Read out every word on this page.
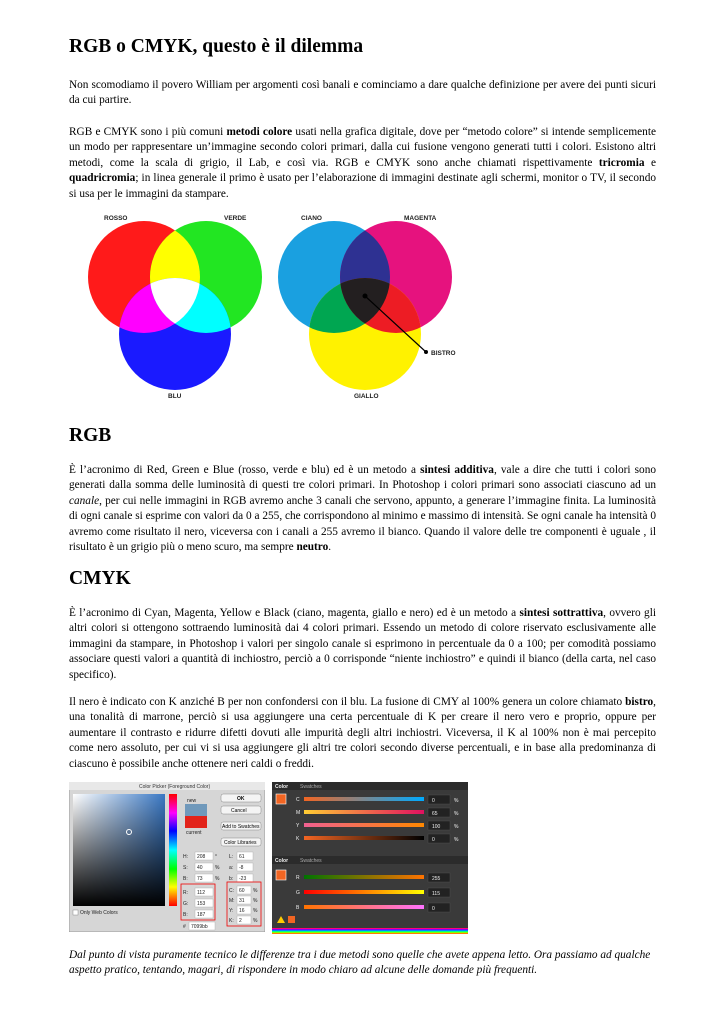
RGB o CMYK, questo è il dilemma

Non scomodiamo il povero William per argomenti così banali e cominciamo a dare qualche definizione per avere dei punti sicuri da cui partire.

RGB e CMYK sono i più comuni metodi colore usati nella grafica digitale, dove per “metodo colore” si intende semplicemente un modo per rappresentare un’immagine secondo colori primari, dalla cui fusione vengono generati tutti i colori. Esistono altri metodi, come la scala di grigio, il Lab, e così via. RGB e CMYK sono anche chiamati rispettivamente tricromia e quadricromia; in linea generale il primo è usato per l’elaborazione di immagini destinate agli schermi, monitor o TV, il secondo si usa per le immagini da stampare.

RGB

È l’acronimo di Red, Green e Blue (rosso, verde e blu) ed è un metodo a sintesi additiva, vale a dire che tutti i colori sono generati dalla somma delle luminosità di questi tre colori primari. In Photoshop i colori primari sono associati ciascuno ad un canale, per cui nelle immagini in RGB avremo anche 3 canali che servono, appunto, a generare l’immagine finita. La luminosità di ogni canale si esprime con valori da 0 a 255, che corrispondono al minimo e massimo di intensità. Se ogni canale ha intensità 0 avremo come risultato il nero, viceversa con i canali a 255 avremo il bianco. Quando il valore delle tre componenti è uguale , il risultato è un grigio più o meno scuro, ma sempre neutro.

CMYK

È l’acronimo di Cyan, Magenta, Yellow e Black (ciano, magenta, giallo e nero) ed è un metodo a sintesi sottrattiva, ovvero gli altri colori si ottengono sottraendo luminosità dai 4 colori primari. Essendo un metodo di colore riservato esclusivamente alle immagini da stampare, in Photoshop i valori per singolo canale si esprimono in percentuale da 0 a 100; per comodità possiamo associare questi valori a quantità di inchiostro, perciò a 0 corrisponde “niente inchiostro” e quindi il bianco (della carta, nel caso specifico).

Il nero è indicato con K anziché B per non confondersi con il blu. La fusione di CMY al 100% genera un colore chiamato bistro, una tonalità di marrone, perciò si usa aggiungere una certa percentuale di K per creare il nero vero e proprio, oppure per aumentare il contrasto e ridurre difetti dovuti alle impurità degli altri inchiostri. Viceversa, il K al 100% non è mai percepito come nero assoluto, per cui vi si usa aggiungere gli altri tre colori secondo diverse percentuali, e in base alla predominanza di ciascuno è possibile anche ottenere neri caldi o freddi.

Dal punto di vista puramente tecnico le differenze tra i due metodi sono quelle che avete appena letto. Ora passiamo ad qualche aspetto pratico, tentando, magari, di rispondere in modo chiaro ad alcune delle domande più frequenti.

ROSSO	VERDE
BLU
BISTRO
CIANO	MAGENTA
GIALLO
Color Picker (Foreground Color)
new
current
OK
Cancel
Add to Swatches
Color Libraries
H: 208 °
S: 40 %
B: 73 %
R: 112
G: 153
B: 187
L: 61
a: -8
b: -23
C: 60 %
M: 31 %
Y: 16 %
K: 2 %
Only Web Colors
# 7099bb
Color Swatches
C	0	%
M	65	%
Y	100	%
K	0	%
Color Swatches
R	255
G	115
B	0
